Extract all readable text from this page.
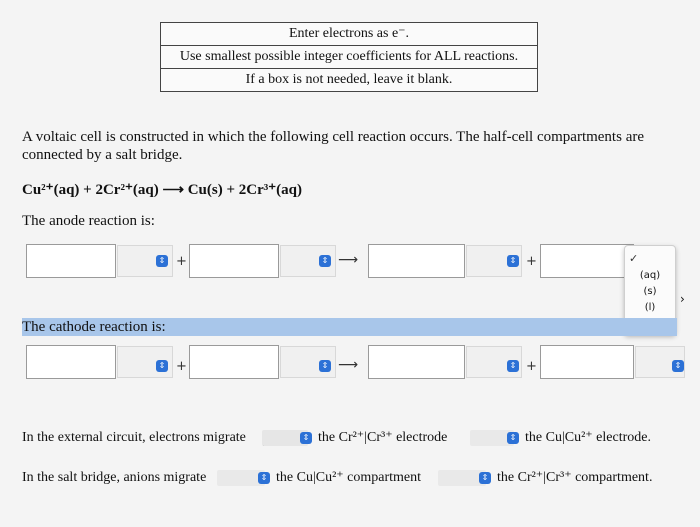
Enter electrons as e⁻.
Use smallest possible integer coefficients for ALL reactions.
If a box is not needed, leave it blank.
A voltaic cell is constructed in which the following cell reaction occurs. The half-cell compartments are connected by a salt bridge.
Cu²⁺(aq) + 2Cr²⁺(aq) ⟶ Cu(s) + 2Cr³⁺(aq)
The anode reaction is:
⇕ +	⇕ ⟶	⇕ +	✓
(aq)
(s)
(l)
›
The cathode reaction is:
⇕ +	⇕ ⟶	⇕ +	⇕
In the external circuit, electrons migrate	⇕ the Cr²⁺|Cr³⁺ electrode	⇕ the Cu|Cu²⁺ electrode.
In the salt bridge, anions migrate	⇕ the Cu|Cu²⁺ compartment	⇕ the Cr²⁺|Cr³⁺ compartment.
